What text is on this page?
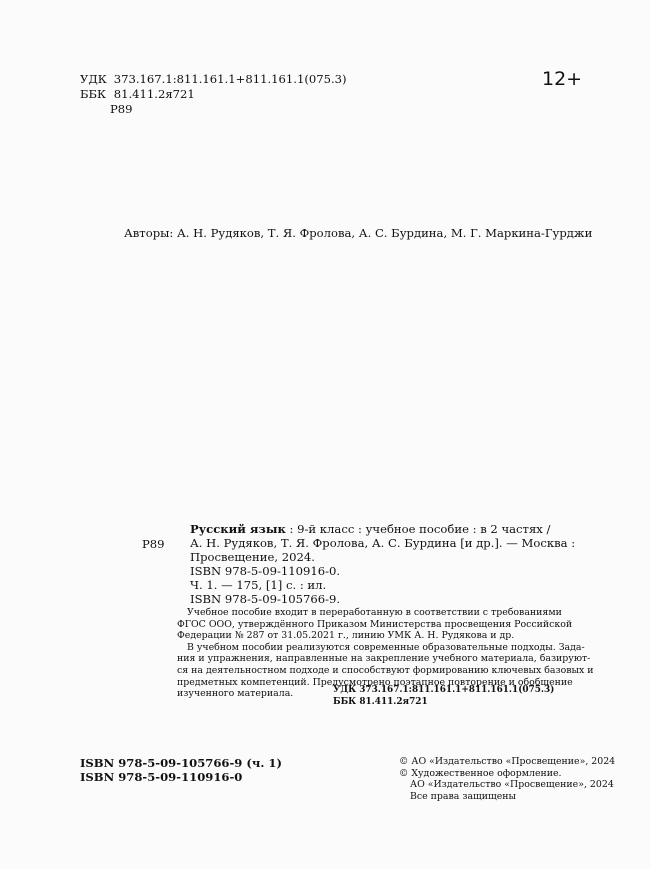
УДК 373.167.1:811.161.1+811.161.1(075.3)
ББК 81.411.2я721
Р89
12+
Авторы: А. Н. Рудяков, Т. Я. Фролова, А. С. Бурдина, М. Г. Маркина-Гурджи
Р89
Русский язык : 9-й класс : учебное пособие : в 2 частях /
А. Н. Рудяков, Т. Я. Фролова, А. С. Бурдина [и др.]. — Москва :
Просвещение, 2024.
ISBN 978-5-09-110916-0.
Ч. 1. — 175, [1] с. : ил.
ISBN 978-5-09-105766-9.
Учебное пособие входит в переработанную в соответствии с требованиями
ФГОС ООО, утверждённого Приказом Министерства просвещения Российской
Федерации № 287 от 31.05.2021 г., линию УМК А. Н. Рудякова и др.
В учебном пособии реализуются современные образовательные подходы. Зада-
ния и упражнения, направленные на закрепление учебного материала, базируют-
ся на деятельностном подходе и способствуют формированию ключевых базовых и
предметных компетенций. Предусмотрено поэтапное повторение и обобщение
изученного материала.	УДК 373.167.1:811.161.1+811.161.1(075.3)
ББК 81.411.2я721
ISBN 978-5-09-105766-9 (ч. 1)
ISBN 978-5-09-110916-0
© АО «Издательство «Просвещение», 2024
© Художественное оформление.
АО «Издательство «Просвещение», 2024
Все права защищены
